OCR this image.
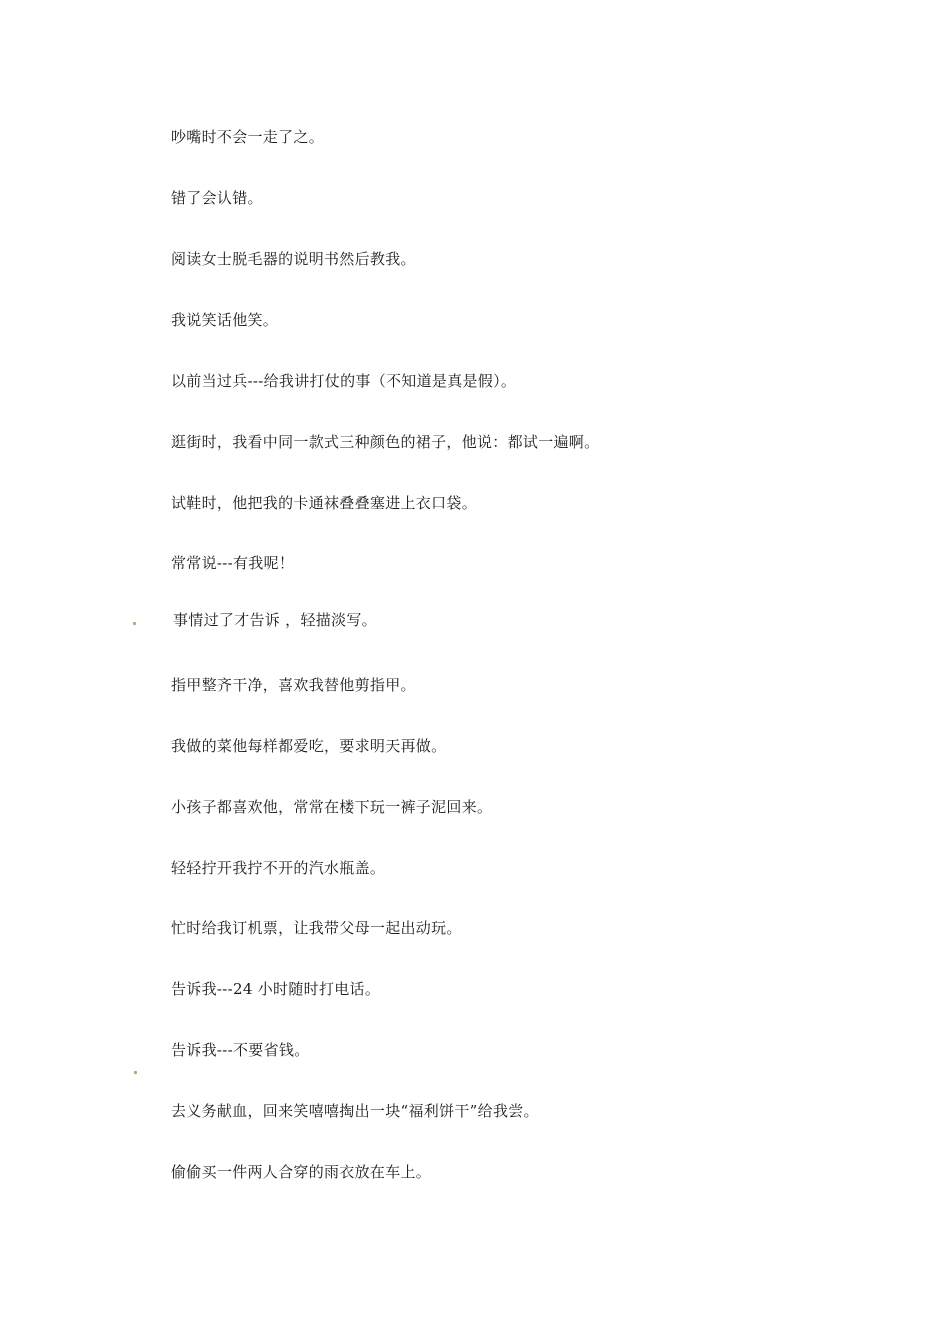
吵嘴时不会一走了之。
错了会认错。
阅读女士脱毛器的说明书然后教我。
我说笑话他笑。
以前当过兵---给我讲打仗的事（不知道是真是假）。
逛街时，我看中同一款式三种颜色的裙子，他说：都试一遍啊。
试鞋时，他把我的卡通袜叠叠塞进上衣口袋。
常常说---有我呢！
事情过了才告诉 ，轻描淡写。
指甲整齐干净，喜欢我替他剪指甲。
我做的菜他每样都爱吃，要求明天再做。
小孩子都喜欢他，常常在楼下玩一裤子泥回来。
轻轻拧开我拧不开的汽水瓶盖。
忙时给我订机票，让我带父母一起出动玩。
告诉我---24 小时随时打电话。
告诉我---不要省钱。
去义务献血，回来笑嘻嘻掏出一块“福利饼干”给我尝。
偷偷买一件两人合穿的雨衣放在车上。
